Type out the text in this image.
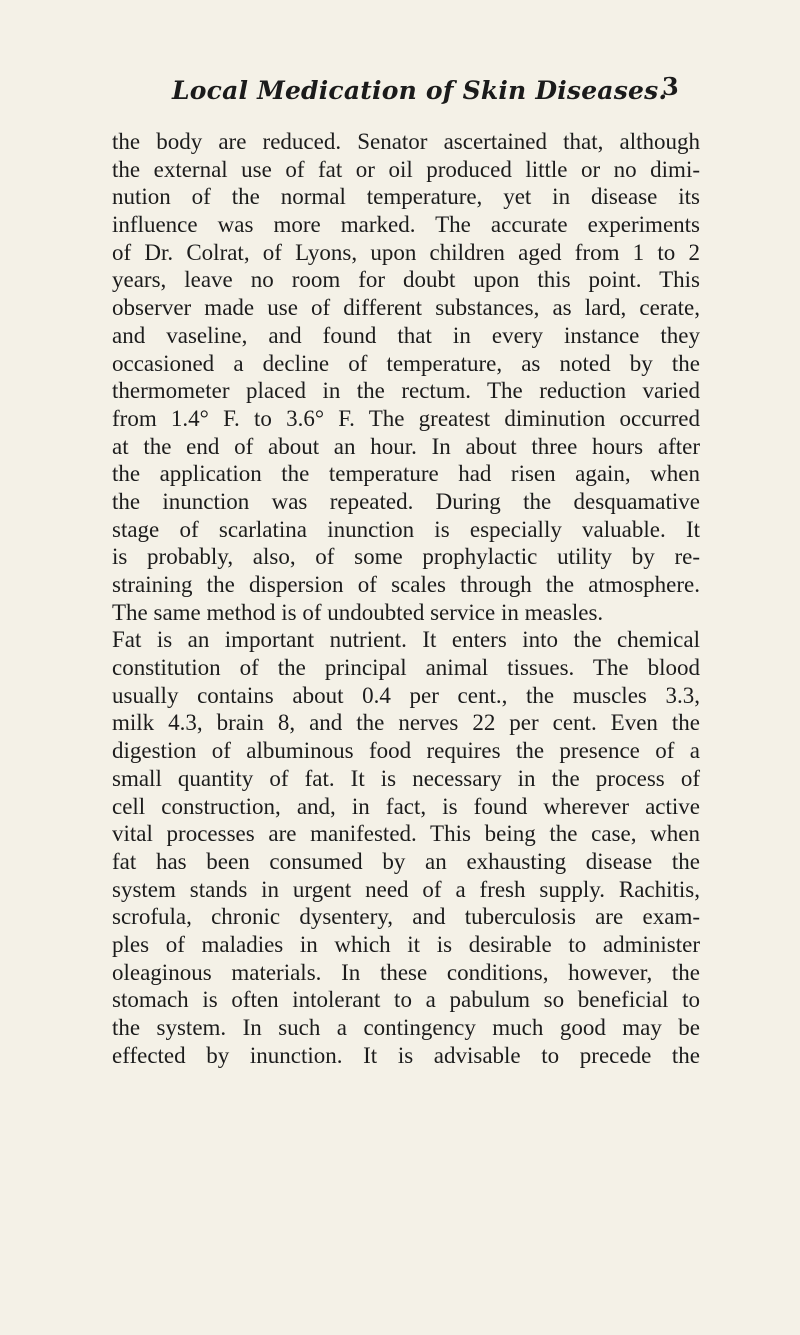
Local Medication of Skin Diseases.
3
the body are reduced. Senator ascertained that, although
the external use of fat or oil produced little or no dimi-
nution of the normal temperature, yet in disease its
influence was more marked. The accurate experiments
of Dr. Colrat, of Lyons, upon children aged from 1 to 2
years, leave no room for doubt upon this point. This
observer made use of different substances, as lard, cerate,
and vaseline, and found that in every instance they
occasioned a decline of temperature, as noted by the
thermometer placed in the rectum. The reduction varied
from 1.4° F. to 3.6° F. The greatest diminution occurred
at the end of about an hour. In about three hours after
the application the temperature had risen again, when
the inunction was repeated. During the desquamative
stage of scarlatina inunction is especially valuable. It
is probably, also, of some prophylactic utility by re-
straining the dispersion of scales through the atmosphere.
The same method is of undoubted service in measles.
Fat is an important nutrient. It enters into the chemical
constitution of the principal animal tissues. The blood
usually contains about 0.4 per cent., the muscles 3.3,
milk 4.3, brain 8, and the nerves 22 per cent. Even the
digestion of albuminous food requires the presence of a
small quantity of fat. It is necessary in the process of
cell construction, and, in fact, is found wherever active
vital processes are manifested. This being the case, when
fat has been consumed by an exhausting disease the
system stands in urgent need of a fresh supply. Rachitis,
scrofula, chronic dysentery, and tuberculosis are exam-
ples of maladies in which it is desirable to administer
oleaginous materials. In these conditions, however, the
stomach is often intolerant to a pabulum so beneficial to
the system. In such a contingency much good may be
effected by inunction. It is advisable to precede the
